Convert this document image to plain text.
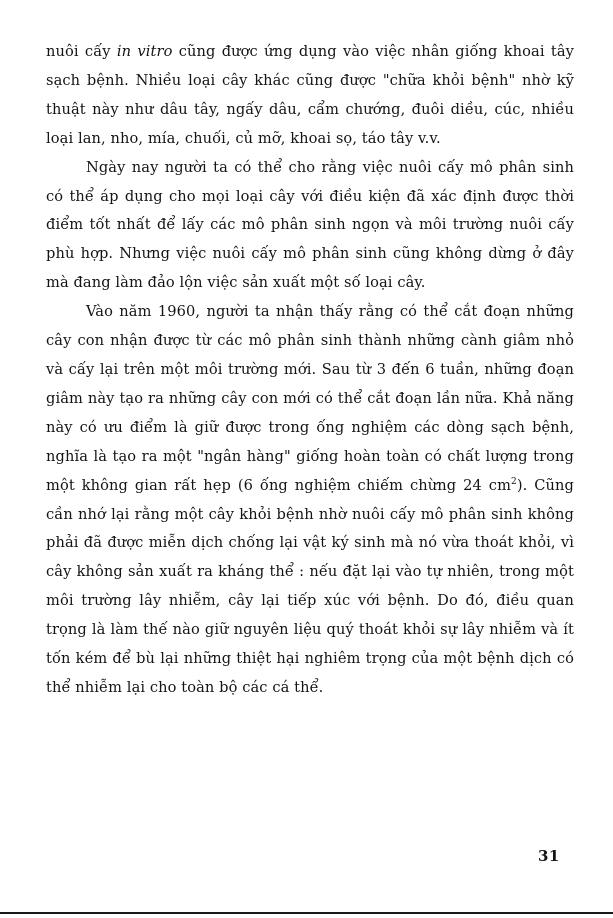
nuôi cấy in vitro cũng được ứng dụng vào việc nhân giống khoai tây sạch bệnh. Nhiều loại cây khác cũng được "chữa khỏi bệnh" nhờ kỹ thuật này như dâu tây, ngấy dâu, cẩm chướng, đuôi diều, cúc, nhiều loại lan, nho, mía, chuối, củ mỡ, khoai sọ, táo tây v.v.

Ngày nay người ta có thể cho rằng việc nuôi cấy mô phân sinh có thể áp dụng cho mọi loại cây với điều kiện đã xác định được thời điểm tốt nhất để lấy các mô phân sinh ngọn và môi trường nuôi cấy phù hợp. Nhưng việc nuôi cấy mô phân sinh cũng không dừng ở đây mà đang làm đảo lộn việc sản xuất một số loại cây.

Vào năm 1960, người ta nhận thấy rằng có thể cắt đoạn những cây con nhận được từ các mô phân sinh thành những cành giâm nhỏ và cấy lại trên một môi trường mới. Sau từ 3 đến 6 tuần, những đoạn giâm này tạo ra những cây con mới có thể cắt đoạn lần nữa. Khả năng này có ưu điểm là giữ được trong ống nghiệm các dòng sạch bệnh, nghĩa là tạo ra một "ngân hàng" giống hoàn toàn có chất lượng trong một không gian rất hẹp (6 ống nghiệm chiếm chừng 24 $cm^2$). Cũng cần nhớ lại rằng một cây khỏi bệnh nhờ nuôi cấy mô phân sinh không phải đã được miễn dịch chống lại vật ký sinh mà nó vừa thoát khỏi, vì cây không sản xuất ra kháng thể : nếu đặt lại vào tự nhiên, trong một môi trường lây nhiễm, cây lại tiếp xúc với bệnh. Do đó, điều quan trọng là làm thế nào giữ nguyên liệu quý thoát khỏi sự lây nhiễm và ít tốn kém để bù lại những thiệt hại nghiêm trọng của một bệnh dịch có thể nhiễm lại cho toàn bộ các cá thể.

31
